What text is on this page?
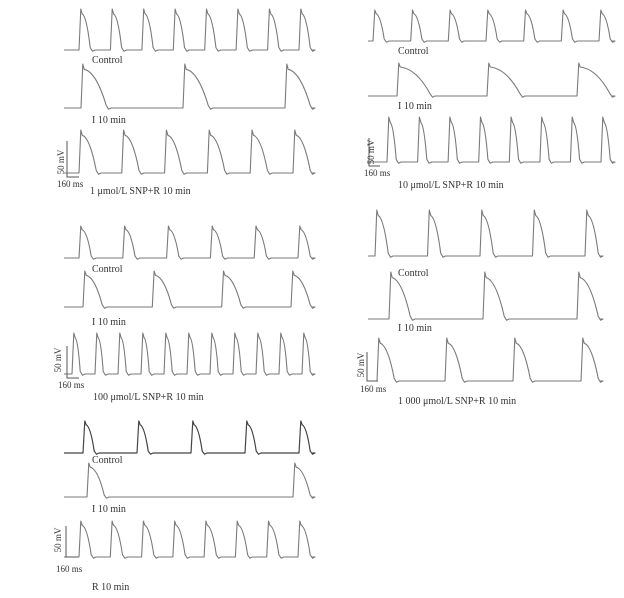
Control
I 10 min
50 mV
160 ms
1 μmol/L SNP+R 10 min
Control
I 10 min
50 mV
160 ms
10 μmol/L SNP+R 10 min
Control
I 10 min
50 mV
160 ms
100 μmol/L SNP+R 10 min
Control
I 10 min
50 mV
160 ms
1 000 μmol/L SNP+R 10 min
Control
I 10 min
50 mV
160 ms
R 10 min
